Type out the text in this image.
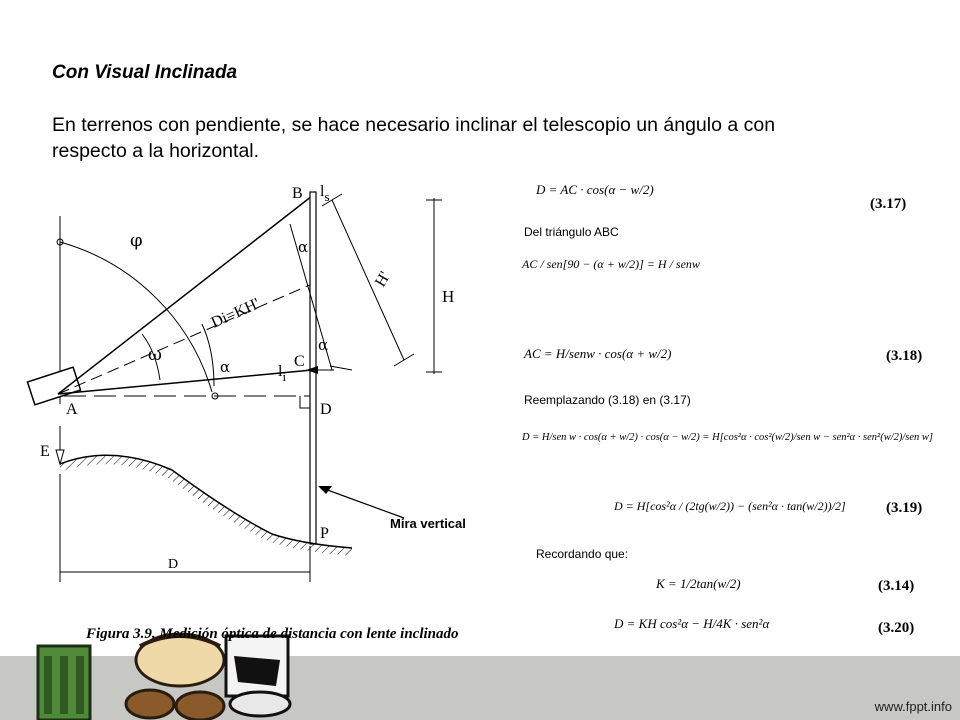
Con Visual Inclinada

En terrenos con pendiente, se hace necesario inclinar el telescopio un ángulo a con
respecto a la horizontal.

www.fppt.info
B $l_s$
φ	α
H'
H
Di=KH'
ω
α	C
$l_i$
α
A	D
E
Mira vertical
P
D
Figura 3.9. Medición óptica de distancia con lente inclinado
D = AC · cos(α − w/2)
(3.17)
Del triángulo ABC
AC / sen[90 − (α + w/2)] = H / senw
AC = H/senw · cos(α + w/2)	(3.18)
Reemplazando (3.18) en (3.17)
D = H/sen w · cos(α + w/2) · cos(α − w/2) = H[cos²α · cos²(w/2)/sen w − sen²α · sen²(w/2)/sen w]
D = H[cos²α / (2tg(w/2)) − (sen²α · tan(w/2))/2]	(3.19)
Recordando que:
K = 1/2tan(w/2)	(3.14)
D = KH cos²α − H/4K · sen²α	(3.20)
